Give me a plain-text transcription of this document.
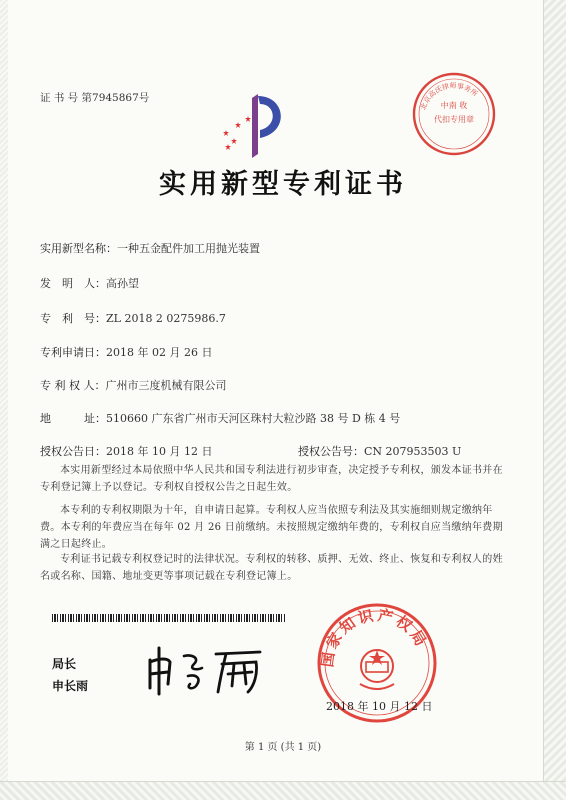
证 书 号 第7945867号
中南 收
代扣专用章
北京高沃律师事务所
实用新型专利证书
实用新型名称：一种五金配件加工用抛光装置
发　明　人：高孙望
专　利　号：ZL 2018 2 0275986.7
专利申请日：2018 年 02 月 26 日
专 利 权 人：广州市三度机械有限公司
地　　　址：510660 广东省广州市天河区珠村大粒沙路 38 号 D 栋 4 号
授权公告日：2018 年 10 月 12 日	授权公告号：CN 207953503 U
本实用新型经过本局依照中华人民共和国专利法进行初步审查，决定授予专利权，颁发本证书并在专利登记簿上予以登记。专利权自授权公告之日起生效。
本专利的专利权期限为十年，自申请日起算。专利权人应当依照专利法及其实施细则规定缴纳年费。本专利的年费应当在每年 02 月 26 日前缴纳。未按照规定缴纳年费的，专利权自应当缴纳年费期满之日起终止。
专利证书记载专利权登记时的法律状况。专利权的转移、质押、无效、终止、恢复和专利权人的姓名或名称、国籍、地址变更等事项记载在专利登记簿上。
局长
申长雨
国家知识产权局
2018 年 10 月 12 日
第 1 页 (共 1 页)
